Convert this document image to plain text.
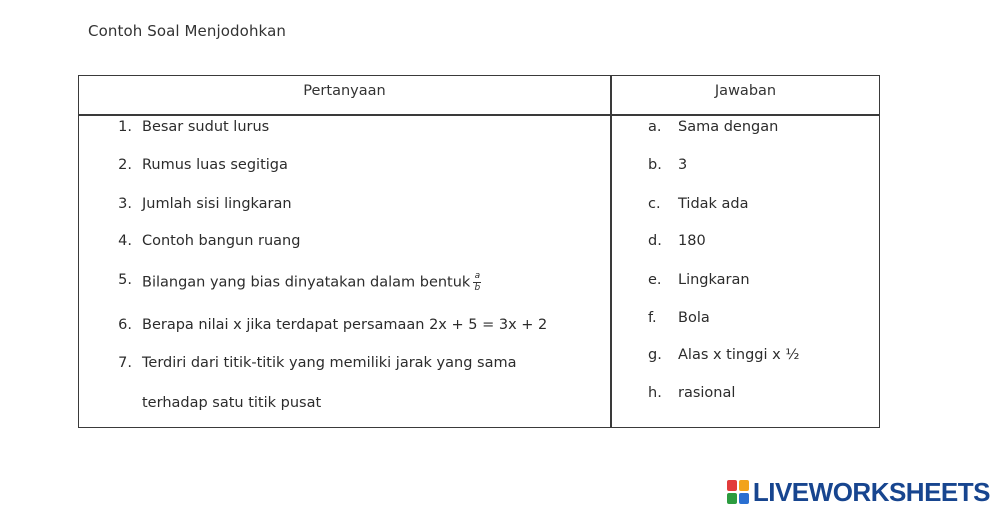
Contoh Soal Menjodohkan
Pertanyaan	Jawaban
1. Besar sudut lurus
2. Rumus luas segitiga
3. Jumlah sisi lingkaran
4. Contoh bangun ruang
5. Bilangan yang bias dinyatakan dalam bentuk $\frac{a}{b}$
6. Berapa nilai x jika terdapat persamaan 2x + 5 = 3x + 2
7. Terdiri dari titik-titik yang memiliki jarak yang sama
terhadap satu titik pusat
a. Sama dengan
b. 3
c. Tidak ada
d. 180
e. Lingkaran
f. Bola
g. Alas x tinggi x ½
h. rasional
LIVEWORKSHEETS
